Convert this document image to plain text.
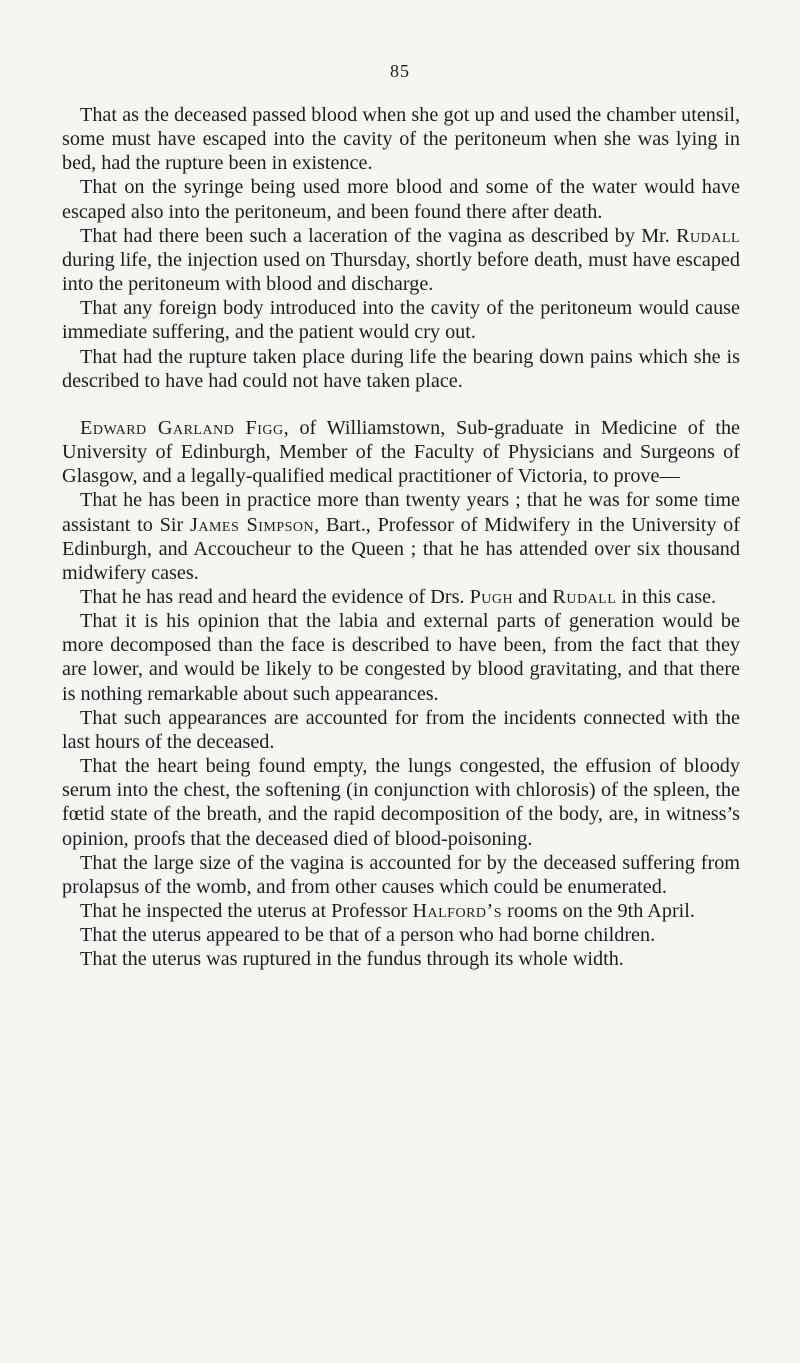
85

That as the deceased passed blood when she got up and used the chamber utensil, some must have escaped into the cavity of the peritoneum when she was lying in bed, had the rupture been in existence.

That on the syringe being used more blood and some of the water would have escaped also into the peritoneum, and been found there after death.

That had there been such a laceration of the vagina as described by Mr. Rudall during life, the injection used on Thursday, shortly before death, must have escaped into the peritoneum with blood and discharge.

That any foreign body introduced into the cavity of the peritoneum would cause immediate suffering, and the patient would cry out.

That had the rupture taken place during life the bearing down pains which she is described to have had could not have taken place.

Edward Garland Figg, of Williamstown, Sub-graduate in Medicine of the University of Edinburgh, Member of the Faculty of Physicians and Surgeons of Glasgow, and a legally-qualified medical practitioner of Victoria, to prove—

That he has been in practice more than twenty years ; that he was for some time assistant to Sir James Simpson, Bart., Professor of Midwifery in the University of Edinburgh, and Accoucheur to the Queen ; that he has attended over six thousand midwifery cases.

That he has read and heard the evidence of Drs. Pugh and Rudall in this case.

That it is his opinion that the labia and external parts of generation would be more decomposed than the face is described to have been, from the fact that they are lower, and would be likely to be congested by blood gravitating, and that there is nothing remarkable about such appearances.

That such appearances are accounted for from the incidents connected with the last hours of the deceased.

That the heart being found empty, the lungs congested, the effusion of bloody serum into the chest, the softening (in conjunction with chlorosis) of the spleen, the fœtid state of the breath, and the rapid decomposition of the body, are, in witness’s opinion, proofs that the deceased died of blood-poisoning.

That the large size of the vagina is accounted for by the deceased suffering from prolapsus of the womb, and from other causes which could be enumerated.

That he inspected the uterus at Professor Halford’s rooms on the 9th April.

That the uterus appeared to be that of a person who had borne children.

That the uterus was ruptured in the fundus through its whole width.
